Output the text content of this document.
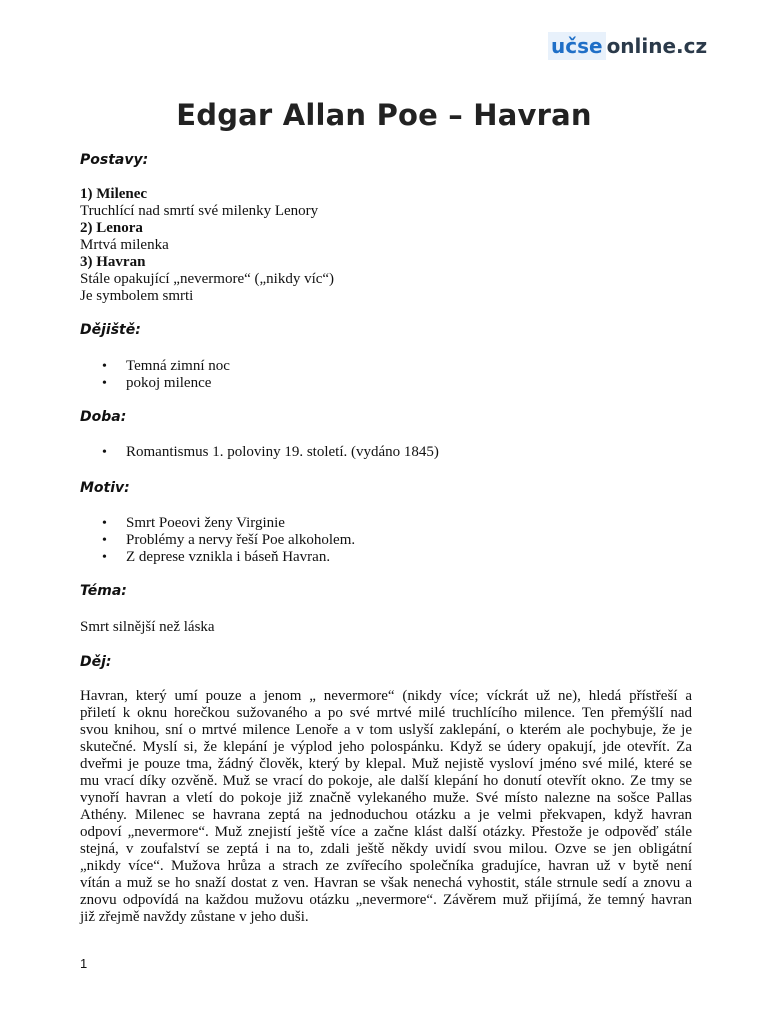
učse online.cz
Edgar Allan Poe – Havran
Postavy:
1) Milenec
Truchlící nad smrtí své milenky Lenory
2) Lenora
Mrtvá milenka
3) Havran
Stále opakující „nevermore“ („nikdy víc“)
Je symbolem smrti
Dějiště:
• Temná zimní noc
• pokoj milence
Doba:
• Romantismus 1. poloviny 19. století. (vydáno 1845)
Motiv:
• Smrt Poeovi ženy Virginie
• Problémy a nervy řeší Poe alkoholem.
• Z deprese vznikla i báseň Havran.
Téma:
Smrt silnější než láska
Děj:
Havran, který umí pouze a jenom „ nevermore“ (nikdy více; víckrát už ne), hledá přístřeší a
přiletí k oknu horečkou sužovaného a po své mrtvé milé truchlícího milence. Ten přemýšlí nad
svou knihou, sní o mrtvé milence Lenoře a v tom uslyší zaklepání, o kterém ale pochybuje, že je
skutečné. Myslí si, že klepání je výplod jeho polospánku. Když se údery opakují, jde otevřít. Za
dveřmi je pouze tma, žádný člověk, který by klepal. Muž nejistě vysloví jméno své milé, které se
mu vrací díky ozvěně. Muž se vrací do pokoje, ale další klepání ho donutí otevřít okno. Ze tmy se
vynoří havran a vletí do pokoje již značně vylekaného muže. Své místo nalezne na sošce Pallas
Athény. Milenec se havrana zeptá na jednoduchou otázku a je velmi překvapen, když havran
odpoví „nevermore“. Muž znejistí ještě více a začne klást další otázky. Přestože je odpověď stále
stejná, v zoufalství se zeptá i na to, zdali ještě někdy uvidí svou milou. Ozve se jen obligátní
„nikdy více“. Mužova hrůza a strach ze zvířecího společníka gradujíce, havran už v bytě není
vítán a muž se ho snaží dostat z ven. Havran se však nenechá vyhostit, stále strnule sedí a znovu a
znovu odpovídá na každou mužovu otázku „nevermore“. Závěrem muž přijímá, že temný havran
již zřejmě navždy zůstane v jeho duši.
1
